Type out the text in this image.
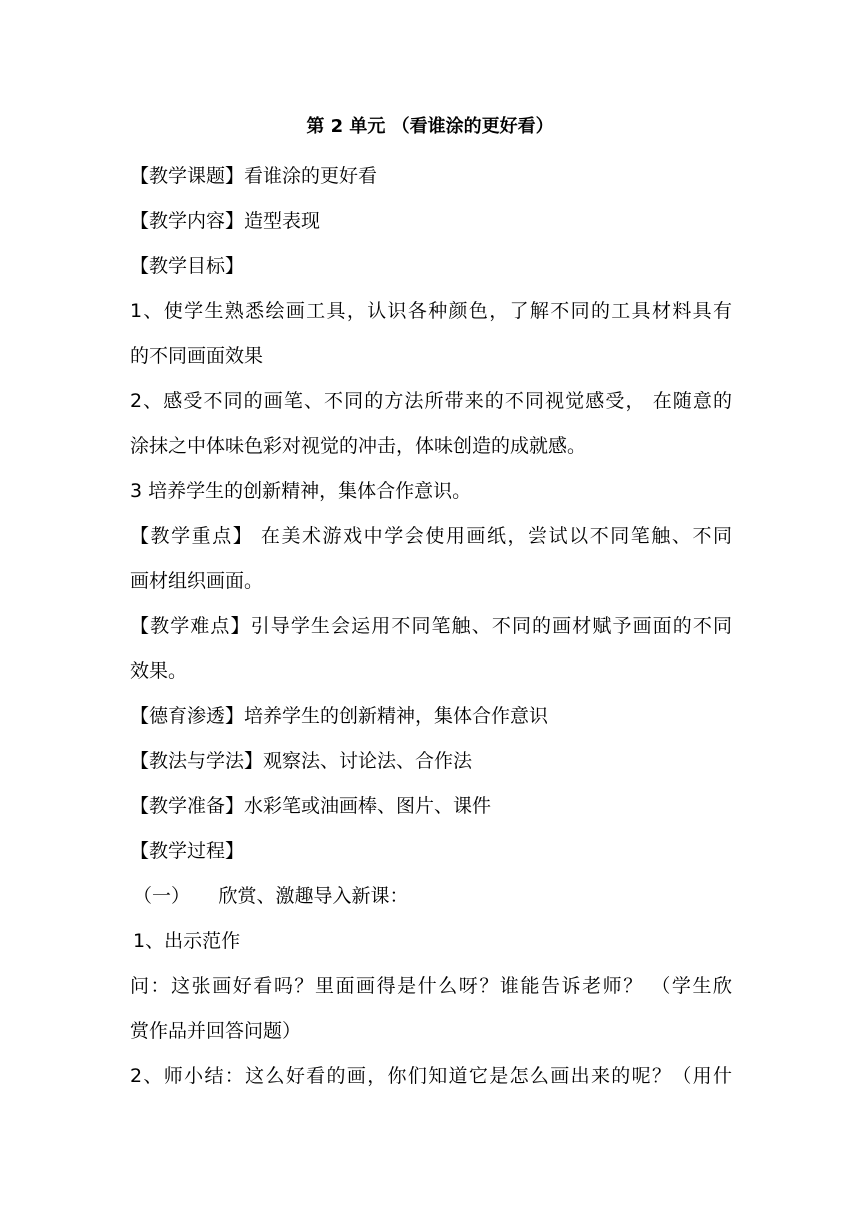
第 2 单元 （看谁涂的更好看）
【教学课题】看谁涂的更好看
【教学内容】造型表现
【教学目标】
1、使学生熟悉绘画工具，认识各种颜色，了解不同的工具材料具有
的不同画面效果
2、感受不同的画笔、不同的方法所带来的不同视觉感受， 在随意的
涂抹之中体味色彩对视觉的冲击，体味创造的成就感。
3 培养学生的创新精神，集体合作意识。
【教学重点】 在美术游戏中学会使用画纸，尝试以不同笔触、不同
画材组织画面。
【教学难点】引导学生会运用不同笔触、不同的画材赋予画面的不同
效果。
【德育渗透】培养学生的创新精神，集体合作意识
【教法与学法】观察法、讨论法、合作法
【教学准备】水彩笔或油画棒、图片、课件
【教学过程】
（一）　　欣赏、激趣导入新课：
1、出示范作
问：这张画好看吗？里面画得是什么呀？谁能告诉老师？ （学生欣
赏作品并回答问题）
2、师小结：这么好看的画，你们知道它是怎么画出来的呢？（用什
